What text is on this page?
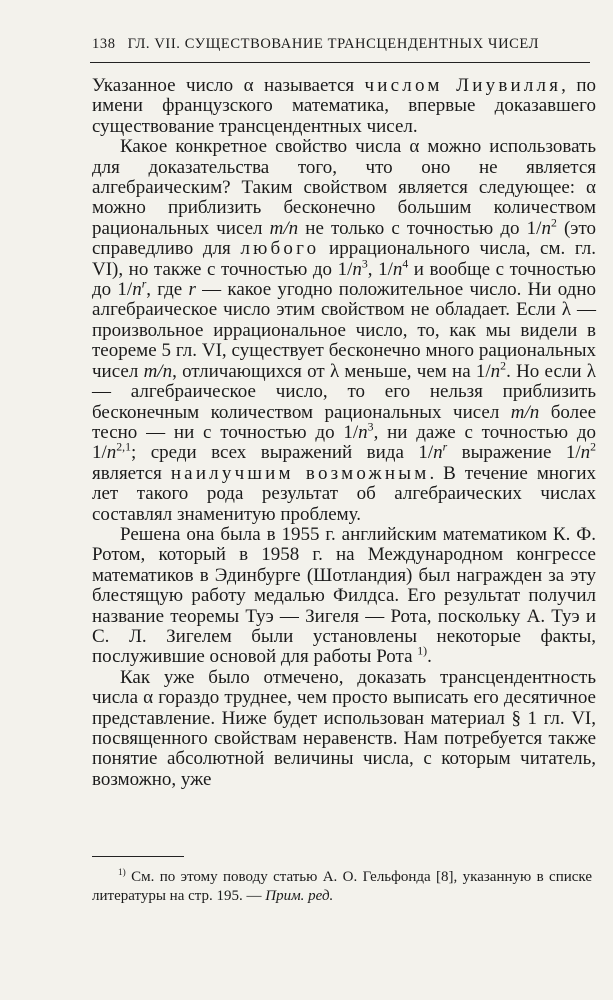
138 ГЛ. VII. СУЩЕСТВОВАНИЕ ТРАНСЦЕНДЕНТНЫХ ЧИСЕЛ

Указанное число α называется числом Лиувилля, по имени французского математика, впервые доказавшего существование трансцендентных чисел.

Какое конкретное свойство числа α можно использовать для доказательства того, что оно не является алгебраическим? Таким свойством является следующее: α можно приблизить бесконечно большим количеством рациональных чисел m/n не только с точностью до $1/n^2$ (это справедливо для любого иррационального числа, см. гл. VI), но также с точностью до $1/n^3$, $1/n^4$ и вообще с точностью до $1/n^r$, где r — какое угодно положительное число. Ни одно алгебраическое число этим свойством не обладает. Если λ — произвольное иррациональное число, то, как мы видели в теореме 5 гл. VI, существует бесконечно много рациональных чисел m/n, отличающихся от λ меньше, чем на $1/n^2$. Но если λ — алгебраическое число, то его нельзя приблизить бесконечным количеством рациональных чисел m/n более тесно — ни с точностью до $1/n^3$, ни даже с точностью до $1/n^{2,1}$; среди всех выражений вида $1/n^r$ выражение $1/n^2$ является наилучшим возможным. В течение многих лет такого рода результат об алгебраических числах составлял знаменитую проблему.

Решена она была в 1955 г. английским математиком К. Ф. Ротом, который в 1958 г. на Международном конгрессе математиков в Эдинбурге (Шотландия) был награжден за эту блестящую работу медалью Филдса. Его результат получил название теоремы Туэ — Зигеля — Рота, поскольку А. Туэ и С. Л. Зигелем были установлены некоторые факты, послужившие основой для работы Рота $^{1)}$.

Как уже было отмечено, доказать трансцендентность числа α гораздо труднее, чем просто выписать его десятичное представление. Ниже будет использован материал § 1 гл. VI, посвященного свойствам неравенств. Нам потребуется также понятие абсолютной величины числа, с которым читатель, возможно, уже

$^{1)}$ См. по этому поводу статью А. О. Гельфонда [8], указанную в списке литературы на стр. 195. — Прим. ред.
